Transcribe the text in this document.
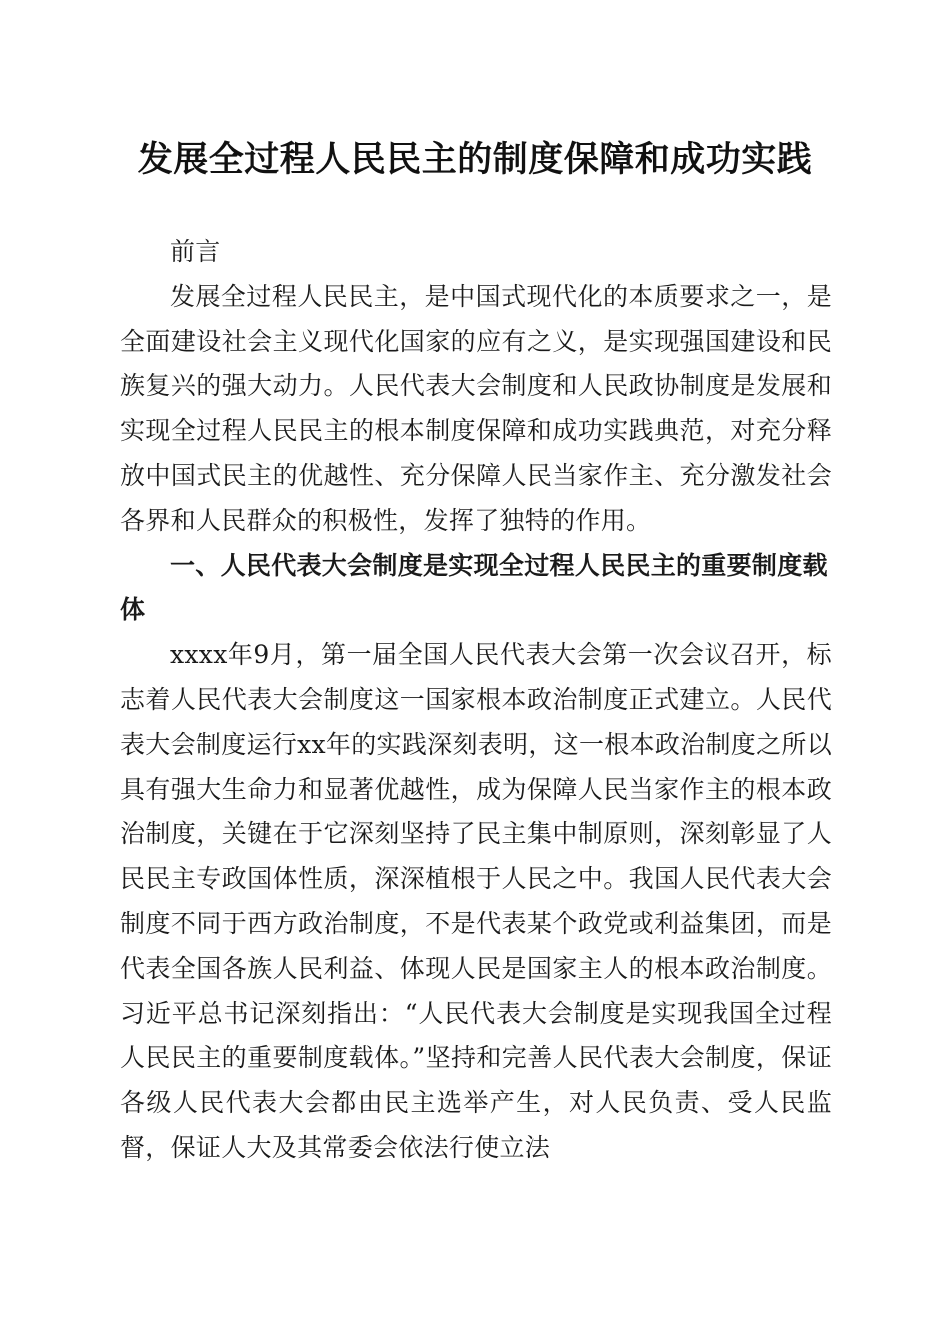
发展全过程人民民主的制度保障和成功实践

前言

发展全过程人民民主，是中国式现代化的本质要求之一，是全面建设社会主义现代化国家的应有之义，是实现强国建设和民族复兴的强大动力。人民代表大会制度和人民政协制度是发展和实现全过程人民民主的根本制度保障和成功实践典范，对充分释放中国式民主的优越性、充分保障人民当家作主、充分激发社会各界和人民群众的积极性，发挥了独特的作用。

一、人民代表大会制度是实现全过程人民民主的重要制度载体

xxxx年9月，第一届全国人民代表大会第一次会议召开，标志着人民代表大会制度这一国家根本政治制度正式建立。人民代表大会制度运行xx年的实践深刻表明，这一根本政治制度之所以具有强大生命力和显著优越性，成为保障人民当家作主的根本政治制度，关键在于它深刻坚持了民主集中制原则，深刻彰显了人民民主专政国体性质，深深植根于人民之中。我国人民代表大会制度不同于西方政治制度，不是代表某个政党或利益集团，而是代表全国各族人民利益、体现人民是国家主人的根本政治制度。习近平总书记深刻指出：“人民代表大会制度是实现我国全过程人民民主的重要制度载体。”坚持和完善人民代表大会制度，保证各级人民代表大会都由民主选举产生，对人民负责、受人民监督，保证人大及其常委会依法行使立法
